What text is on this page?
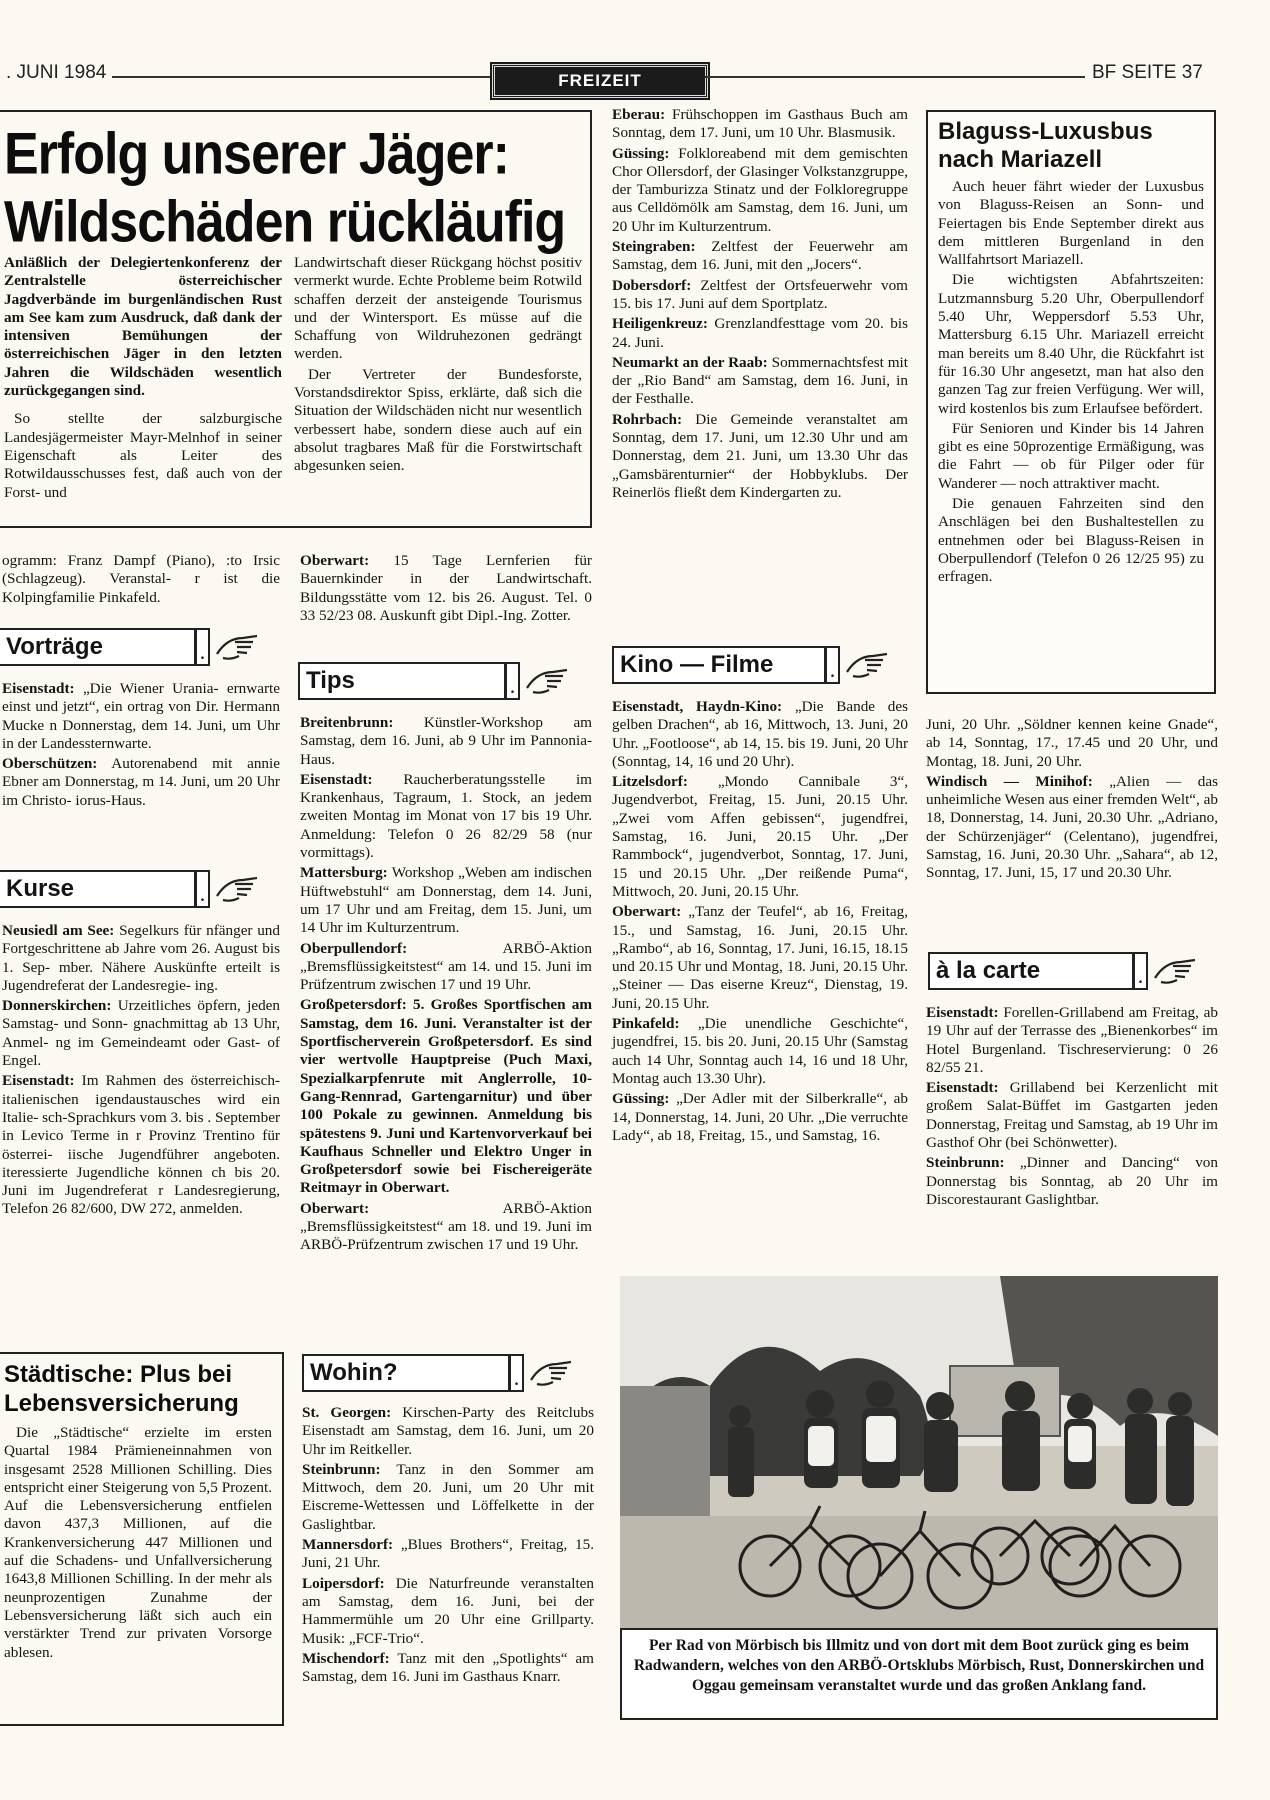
. JUNI 1984	FREIZEIT	BF SEITE 37
Erfolg unserer Jäger:
Wildschäden rückläufig

Anläßlich der Delegiertenkonferenz der Zentralstelle österreichischer Jagdverbände im burgenländischen Rust am See kam zum Ausdruck, daß dank der intensiven Bemühungen der österreichischen Jäger in den letzten Jahren die Wildschäden wesentlich zurückgegangen sind.

So stellte der salzburgische Landesjägermeister Mayr-Melnhof in seiner Eigenschaft als Leiter des Rotwildausschusses fest, daß auch von der Forst- und

Landwirtschaft dieser Rückgang höchst positiv vermerkt wurde. Echte Probleme beim Rotwild schaffen derzeit der ansteigende Tourismus und der Wintersport. Es müsse auf die Schaffung von Wildruhezonen gedrängt werden.

Der Vertreter der Bundesforste, Vorstandsdirektor Spiss, erklärte, daß sich die Situation der Wildschäden nicht nur wesentlich verbessert habe, sondern diese auch auf ein absolut tragbares Maß für die Forstwirtschaft abgesunken seien.

ogramm: Franz Dampf (Piano), :to Irsic (Schlagzeug). Veranstal- r ist die Kolpingfamilie Pinkafeld.
Vorträge	.

Eisenstadt: „Die Wiener Urania- ernwarte einst und jetzt“, ein ortrag von Dir. Hermann Mucke n Donnerstag, dem 14. Juni, um Uhr in der Landessternwarte.

Oberschützen: Autorenabend mit annie Ebner am Donnerstag, m 14. Juni, um 20 Uhr im Christo- iorus-Haus.

Kurse	.

Neusiedl am See: Segelkurs für nfänger und Fortgeschrittene ab Jahre vom 26. August bis 1. Sep- mber. Nähere Auskünfte erteilt is Jugendreferat der Landesregie- ing.

Donnerskirchen: Urzeitliches öpfern, jeden Samstag- und Sonn- gnachmittag ab 13 Uhr, Anmel- ng im Gemeindeamt oder Gast- of Engel.

Eisenstadt: Im Rahmen des österreichisch-italienischen igendaustausches wird ein Italie- sch-Sprachkurs vom 3. bis . September in Levico Terme in r Provinz Trentino für österrei- iische Jugendführer angeboten. iteressierte Jugendliche können ch bis 20. Juni im Jugendreferat r Landesregierung, Telefon 26 82/600, DW 272, anmelden.

Städtische: Plus bei Lebensversicherung
Die „Städtische“ erzielte im ersten Quartal 1984 Prämieneinnahmen von insgesamt 2528 Millionen Schilling. Dies entspricht einer Steigerung von 5,5 Prozent. Auf die Lebensversicherung entfielen davon 437,3 Millionen, auf die Krankenversicherung 447 Millionen und auf die Schadens- und Unfallversicherung 1643,8 Millionen Schilling. In der mehr als neunprozentigen Zunahme der Lebensversicherung läßt sich auch ein verstärkter Trend zur privaten Vorsorge ablesen.

Oberwart: 15 Tage Lernferien für Bauernkinder in der Landwirtschaft. Bildungsstätte vom 12. bis 26. August. Tel. 0 33 52/23 08. Auskunft gibt Dipl.-Ing. Zotter.

Tips	.

Breitenbrunn: Künstler-Workshop am Samstag, dem 16. Juni, ab 9 Uhr im Pannonia-Haus.

Eisenstadt: Raucherberatungsstelle im Krankenhaus, Tagraum, 1. Stock, an jedem zweiten Montag im Monat von 17 bis 19 Uhr. Anmeldung: Telefon 0 26 82/29 58 (nur vormittags).

Mattersburg: Workshop „Weben am indischen Hüftwebstuhl“ am Donnerstag, dem 14. Juni, um 17 Uhr und am Freitag, dem 15. Juni, um 14 Uhr im Kulturzentrum.

Oberpullendorf: ARBÖ-Aktion „Bremsflüssigkeitstest“ am 14. und 15. Juni im Prüfzentrum zwischen 17 und 19 Uhr.

Großpetersdorf: 5. Großes Sportfischen am Samstag, dem 16. Juni. Veranstalter ist der Sportfischerverein Großpetersdorf. Es sind vier wertvolle Hauptpreise (Puch Maxi, Spezialkarpfenrute mit Anglerrolle, 10-Gang-Rennrad, Gartengarnitur) und über 100 Pokale zu gewinnen. Anmeldung bis spätestens 9. Juni und Kartenvorverkauf bei Kaufhaus Schneller und Elektro Unger in Großpetersdorf sowie bei Fischereigeräte Reitmayr in Oberwart.

Oberwart: ARBÖ-Aktion „Bremsflüssigkeitstest“ am 18. und 19. Juni im ARBÖ-Prüfzentrum zwischen 17 und 19 Uhr.

Wohin?	.

St. Georgen: Kirschen-Party des Reitclubs Eisenstadt am Samstag, dem 16. Juni, um 20 Uhr im Reitkeller.

Steinbrunn: Tanz in den Sommer am Mittwoch, dem 20. Juni, um 20 Uhr mit Eiscreme-Wettessen und Löffelkette in der Gaslightbar.

Mannersdorf: „Blues Brothers“, Freitag, 15. Juni, 21 Uhr.

Loipersdorf: Die Naturfreunde veranstalten am Samstag, dem 16. Juni, bei der Hammermühle um 20 Uhr eine Grillparty. Musik: „FCF-Trio“.

Mischendorf: Tanz mit den „Spotlights“ am Samstag, dem 16. Juni im Gasthaus Knarr.

Eberau: Frühschoppen im Gasthaus Buch am Sonntag, dem 17. Juni, um 10 Uhr. Blasmusik.

Güssing: Folkloreabend mit dem gemischten Chor Ollersdorf, der Glasinger Volkstanzgruppe, der Tamburizza Stinatz und der Folkloregruppe aus Celldömölk am Samstag, dem 16. Juni, um 20 Uhr im Kulturzentrum.

Steingraben: Zeltfest der Feuerwehr am Samstag, dem 16. Juni, mit den „Jocers“.

Dobersdorf: Zeltfest der Ortsfeuerwehr vom 15. bis 17. Juni auf dem Sportplatz.

Heiligenkreuz: Grenzlandfesttage vom 20. bis 24. Juni.

Neumarkt an der Raab: Sommernachtsfest mit der „Rio Band“ am Samstag, dem 16. Juni, in der Festhalle.

Rohrbach: Die Gemeinde veranstaltet am Sonntag, dem 17. Juni, um 12.30 Uhr und am Donnerstag, dem 21. Juni, um 13.30 Uhr das „Gamsbärenturnier“ der Hobbyklubs. Der Reinerlös fließt dem Kindergarten zu.

Kino — Filme	.

Eisenstadt, Haydn-Kino: „Die Bande des gelben Drachen“, ab 16, Mittwoch, 13. Juni, 20 Uhr. „Footloose“, ab 14, 15. bis 19. Juni, 20 Uhr (Sonntag, 14, 16 und 20 Uhr).

Litzelsdorf: „Mondo Cannibale 3“, Jugendverbot, Freitag, 15. Juni, 20.15 Uhr. „Zwei vom Affen gebissen“, jugendfrei, Samstag, 16. Juni, 20.15 Uhr. „Der Rammbock“, jugendverbot, Sonntag, 17. Juni, 15 und 20.15 Uhr. „Der reißende Puma“, Mittwoch, 20. Juni, 20.15 Uhr.

Oberwart: „Tanz der Teufel“, ab 16, Freitag, 15., und Samstag, 16. Juni, 20.15 Uhr. „Rambo“, ab 16, Sonntag, 17. Juni, 16.15, 18.15 und 20.15 Uhr und Montag, 18. Juni, 20.15 Uhr. „Steiner — Das eiserne Kreuz“, Dienstag, 19. Juni, 20.15 Uhr.

Pinkafeld: „Die unendliche Geschichte“, jugendfrei, 15. bis 20. Juni, 20.15 Uhr (Samstag auch 14 Uhr, Sonntag auch 14, 16 und 18 Uhr, Montag auch 13.30 Uhr).

Güssing: „Der Adler mit der Silberkralle“, ab 14, Donnerstag, 14. Juni, 20 Uhr. „Die verruchte Lady“, ab 18, Freitag, 15., und Samstag, 16.

Blaguss-Luxusbus nach Mariazell

Auch heuer fährt wieder der Luxusbus von Blaguss-Reisen an Sonn- und Feiertagen bis Ende September direkt aus dem mittleren Burgenland in den Wallfahrtsort Mariazell.

Die wichtigsten Abfahrtszeiten: Lutzmannsburg 5.20 Uhr, Oberpullendorf 5.40 Uhr, Weppersdorf 5.53 Uhr, Mattersburg 6.15 Uhr. Mariazell erreicht man bereits um 8.40 Uhr, die Rückfahrt ist für 16.30 Uhr angesetzt, man hat also den ganzen Tag zur freien Verfügung. Wer will, wird kostenlos bis zum Erlaufsee befördert.

Für Senioren und Kinder bis 14 Jahren gibt es eine 50prozentige Ermäßigung, was die Fahrt — ob für Pilger oder für Wanderer — noch attraktiver macht.

Die genauen Fahrzeiten sind den Anschlägen bei den Bushaltestellen zu entnehmen oder bei Blaguss-Reisen in Oberpullendorf (Telefon 0 26 12/25 95) zu erfragen.

Juni, 20 Uhr. „Söldner kennen keine Gnade“, ab 14, Sonntag, 17., 17.45 und 20 Uhr, und Montag, 18. Juni, 20 Uhr.

Windisch — Minihof: „Alien — das unheimliche Wesen aus einer fremden Welt“, ab 18, Donnerstag, 14. Juni, 20.30 Uhr. „Adriano, der Schürzenjäger“ (Celentano), jugendfrei, Samstag, 16. Juni, 20.30 Uhr. „Sahara“, ab 12, Sonntag, 17. Juni, 15, 17 und 20.30 Uhr.

à la carte	.

Eisenstadt: Forellen-Grillabend am Freitag, ab 19 Uhr auf der Terrasse des „Bienenkorbes“ im Hotel Burgenland. Tischreservierung: 0 26 82/55 21.

Eisenstadt: Grillabend bei Kerzenlicht mit großem Salat-Büffet im Gastgarten jeden Donnerstag, Freitag und Samstag, ab 19 Uhr im Gasthof Ohr (bei Schönwetter).

Steinbrunn: „Dinner and Dancing“ von Donnerstag bis Sonntag, ab 20 Uhr im Discorestaurant Gaslightbar.

Per Rad von Mörbisch bis Illmitz und von dort mit dem Boot zurück ging es beim Radwandern, welches von den ARBÖ-Ortsklubs Mörbisch, Rust, Donnerskirchen und Oggau gemeinsam veranstaltet wurde und das großen Anklang fand.
